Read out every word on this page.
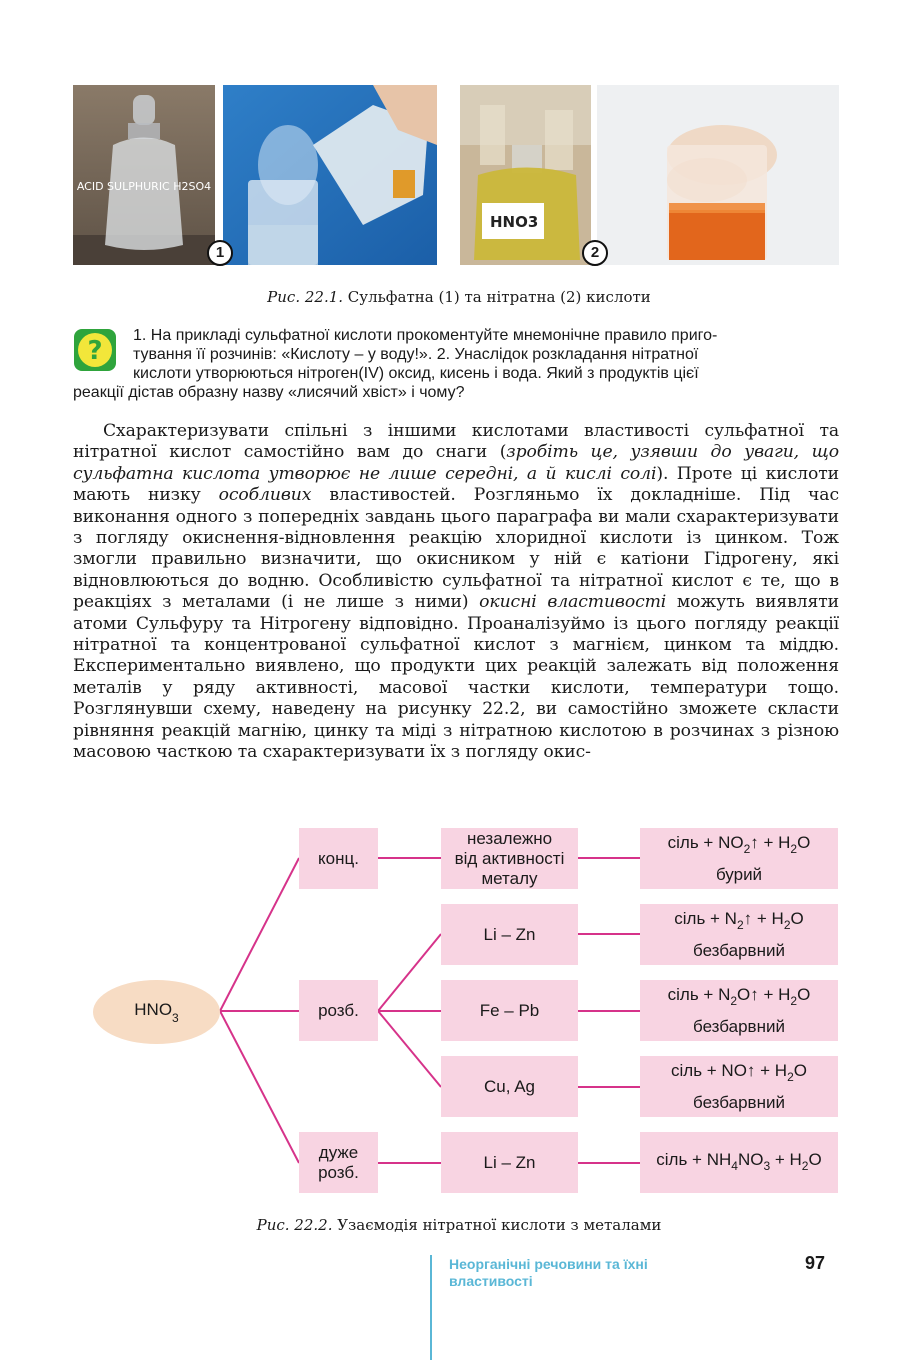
ACID SULPHURIC H2SO4
HNO3
1	2
Рис. 22.1. Сульфатна (1) та нітратна (2) кислоти
?
1. На прикладі сульфатної кислоти прокоментуйте мнемонічне правило приго-
тування її розчинів: «Кислоту – у воду!». 2. Унаслідок розкладання нітратної
кислоти утворюються нітроген(IV) оксид, кисень і вода. Який з продуктів цієї
реакції дістав образну назву «лисячий хвіст» і чому?

Схарактеризувати спільні з іншими кислотами властивості сульфатної та нітратної кислот самостійно вам до снаги (зробіть це, узявши до уваги, що сульфатна кислота утворює не лише середні, а й кислі солі). Проте ці кислоти мають низку особливих властивостей. Розгляньмо їх докладніше. Під час виконання одного з попередніх завдань цього параграфа ви мали схарактеризувати з погляду окиснення-відновлення реакцію хлоридної кислоти із цинком. Тож змогли правильно визначити, що окисником у ній є катіони Гідрогену, які відновлюються до водню. Особливістю сульфатної та нітратної кислот є те, що в реакціях з металами (і не лише з ними) окисні властивості можуть виявляти атоми Сульфуру та Нітрогену відповідно. Проаналізуймо із цього погляду реакції нітратної та концентрованої сульфатної кислот з магнієм, цинком та міддю. Експериментально виявлено, що продукти цих реакцій залежать від положення металів у ряду активності, масової частки кислоти, температури тощо. Розглянувши схему, наведену на рисунку 22.2, ви самостійно зможете скласти рівняння реакцій магнію, цинку та міді з нітратною кислотою в розчинах з різною масовою часткою та схарактеризувати їх з погляду окис-

$HNO_3$
конц.
розб.
дуже
розб.
незалежно
від активності
металу
Li – Zn
Fe – Pb
Cu, Ag
Li – Zn
сіль + $NO_2↑ + H_2O$
бурий
сіль + $N_2↑ + H_2O$
безбарвний
сіль + $N_2O↑ + H_2O$
безбарвний
сіль + NO↑ + $H_2O$
безбарвний
сіль + $NH_4NO_3 + H_2O$
Рис. 22.2. Узаємодія нітратної кислоти з металами
Неорганічні речовини та їхні властивості
97
